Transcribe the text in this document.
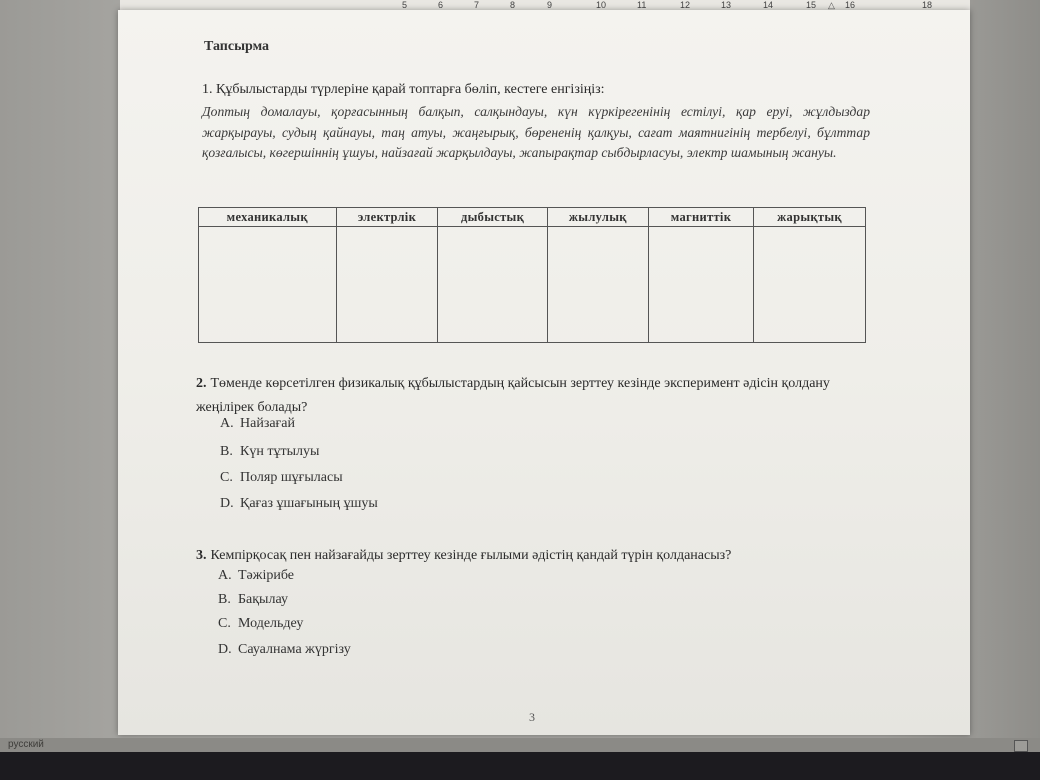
5	6	7	8	9	10	11	12	13	14	15 △ 16	18
Тапсырма
1. Құбылыстарды түрлеріне қарай топтарға бөліп, кестеге енгізіңіз:
Доптың домалауы, қорғасынның балқып, салқындауы, күн күркірегенінің естілуі, қар еруі, жұлдыздар жарқырауы, судың қайнауы, таң атуы, жаңғырық, бөрененің қалқуы, сағат маятнигінің тербелуі, бұлттар қозғалысы, көгершіннің ұшуы, найзағай жарқылдауы, жапырақтар сыбдырласуы, электр шамының жануы.
механикалық	электрлік	дыбыстық	жылулық	магниттік	жарықтық

2. Төменде көрсетілген физикалық құбылыстардың қайсысын зерттеу кезінде эксперимент әдісін қолдану жеңілірек болады?
A. Найзағай
B. Күн тұтылуы
C. Поляр шұғыласы
D. Қағаз ұшағының ұшуы
3. Кемпірқосақ пен найзағайды зерттеу кезінде ғылыми әдістің қандай түрін қолданасыз?
A. Тәжірибе
B. Бақылау
C. Модельдеу
D. Сауалнама жүргізу
3
русский
